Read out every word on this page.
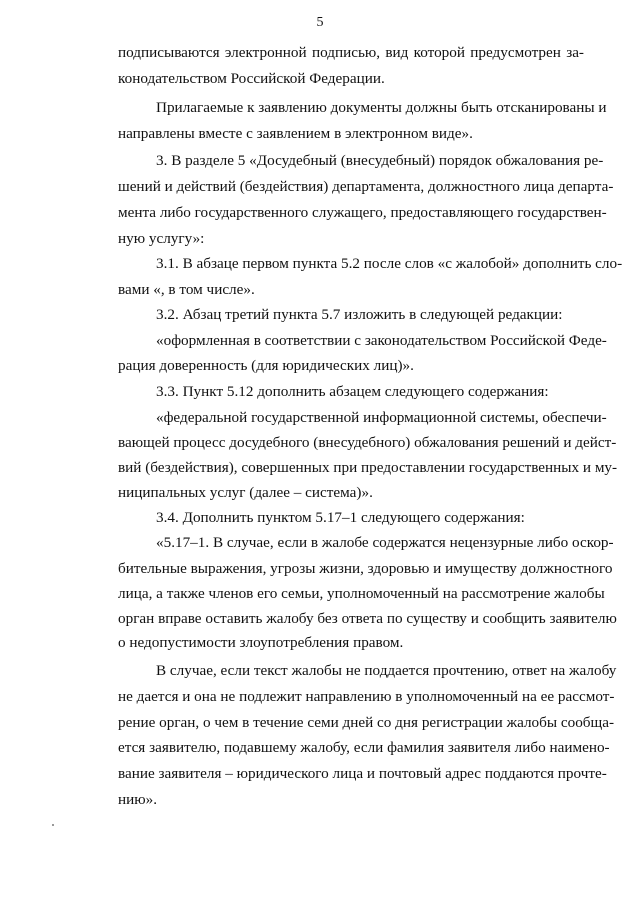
5
подписываются электронной подписью, вид которой предусмотрен за-
конодательством Российской Федерации.
Прилагаемые к заявлению документы должны быть отсканированы и
направлены вместе с заявлением в электронном виде».
3. В разделе 5 «Досудебный (внесудебный) порядок обжалования ре-
шений и действий (бездействия) департамента, должностного лица департа-
мента либо государственного служащего, предоставляющего государствен-
ную услугу»:
3.1. В абзаце первом пункта 5.2 после слов «с жалобой» дополнить сло-
вами «, в том числе».
3.2. Абзац третий пункта 5.7 изложить в следующей редакции:
«оформленная в соответствии с законодательством Российской Феде-
рация доверенность (для юридических лиц)».
3.3. Пункт 5.12 дополнить абзацем следующего содержания:
«федеральной государственной информационной системы, обеспечи-
вающей процесс досудебного (внесудебного) обжалования решений и дейст-
вий (бездействия), совершенных при предоставлении государственных и му-
ниципальных услуг (далее – система)».
3.4. Дополнить пунктом 5.17–1 следующего содержания:
«5.17–1. В случае, если в жалобе содержатся нецензурные либо оскор-
бительные выражения, угрозы жизни, здоровью и имуществу должностного
лица, а также членов его семьи, уполномоченный на рассмотрение жалобы
орган вправе оставить жалобу без ответа по существу и сообщить заявителю
о недопустимости злоупотребления правом.
В случае, если текст жалобы не поддается прочтению, ответ на жалобу
не дается и она не подлежит направлению в уполномоченный на ее рассмот-
рение орган, о чем в течение семи дней со дня регистрации жалобы сообща-
ется заявителю, подавшему жалобу, если фамилия заявителя либо наимено-
вание заявителя – юридического лица и почтовый адрес поддаются прочте-
нию».
